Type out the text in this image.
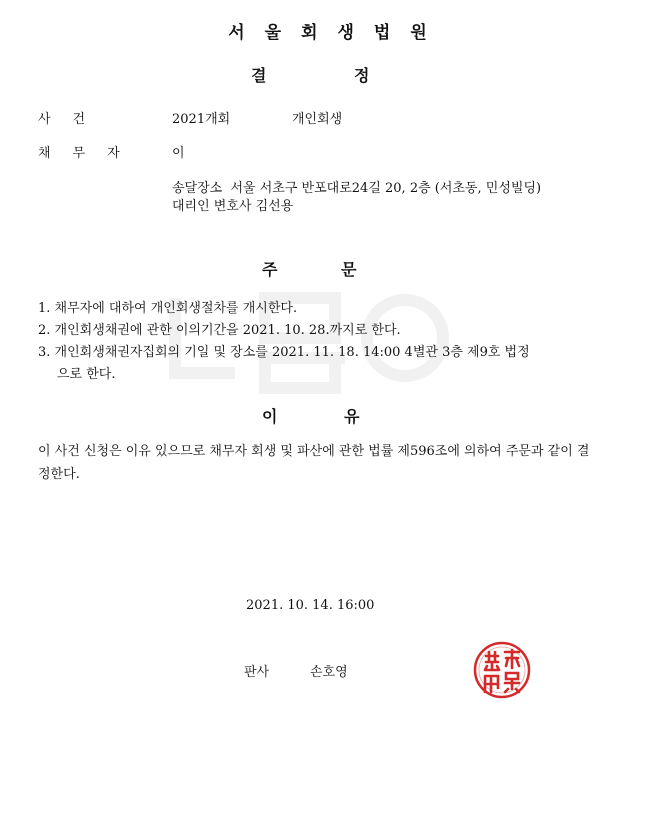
서울회생법원
결	정
사건	2021개회	개인회생
채무자 이
송달장소 서울 서초구 반포대로24길 20, 2층 (서초동, 민성빌딩)
대리인 변호사 김선용
주	문
1. 채무자에 대하여 개인회생절차를 개시한다.
2. 개인회생채권에 관한 이의기간을 2021. 10. 28.까지로 한다.
3. 개인회생채권자집회의 기일 및 장소를 2021. 11. 18. 14:00 4별관 3층 제9호 법정
으로 한다.
이	유
이 사건 신청은 이유 있으므로 채무자 회생 및 파산에 관한 법률 제596조에 의하여 주문과 같이 결정한다.
2021. 10. 14. 16:00
판사	손호영
